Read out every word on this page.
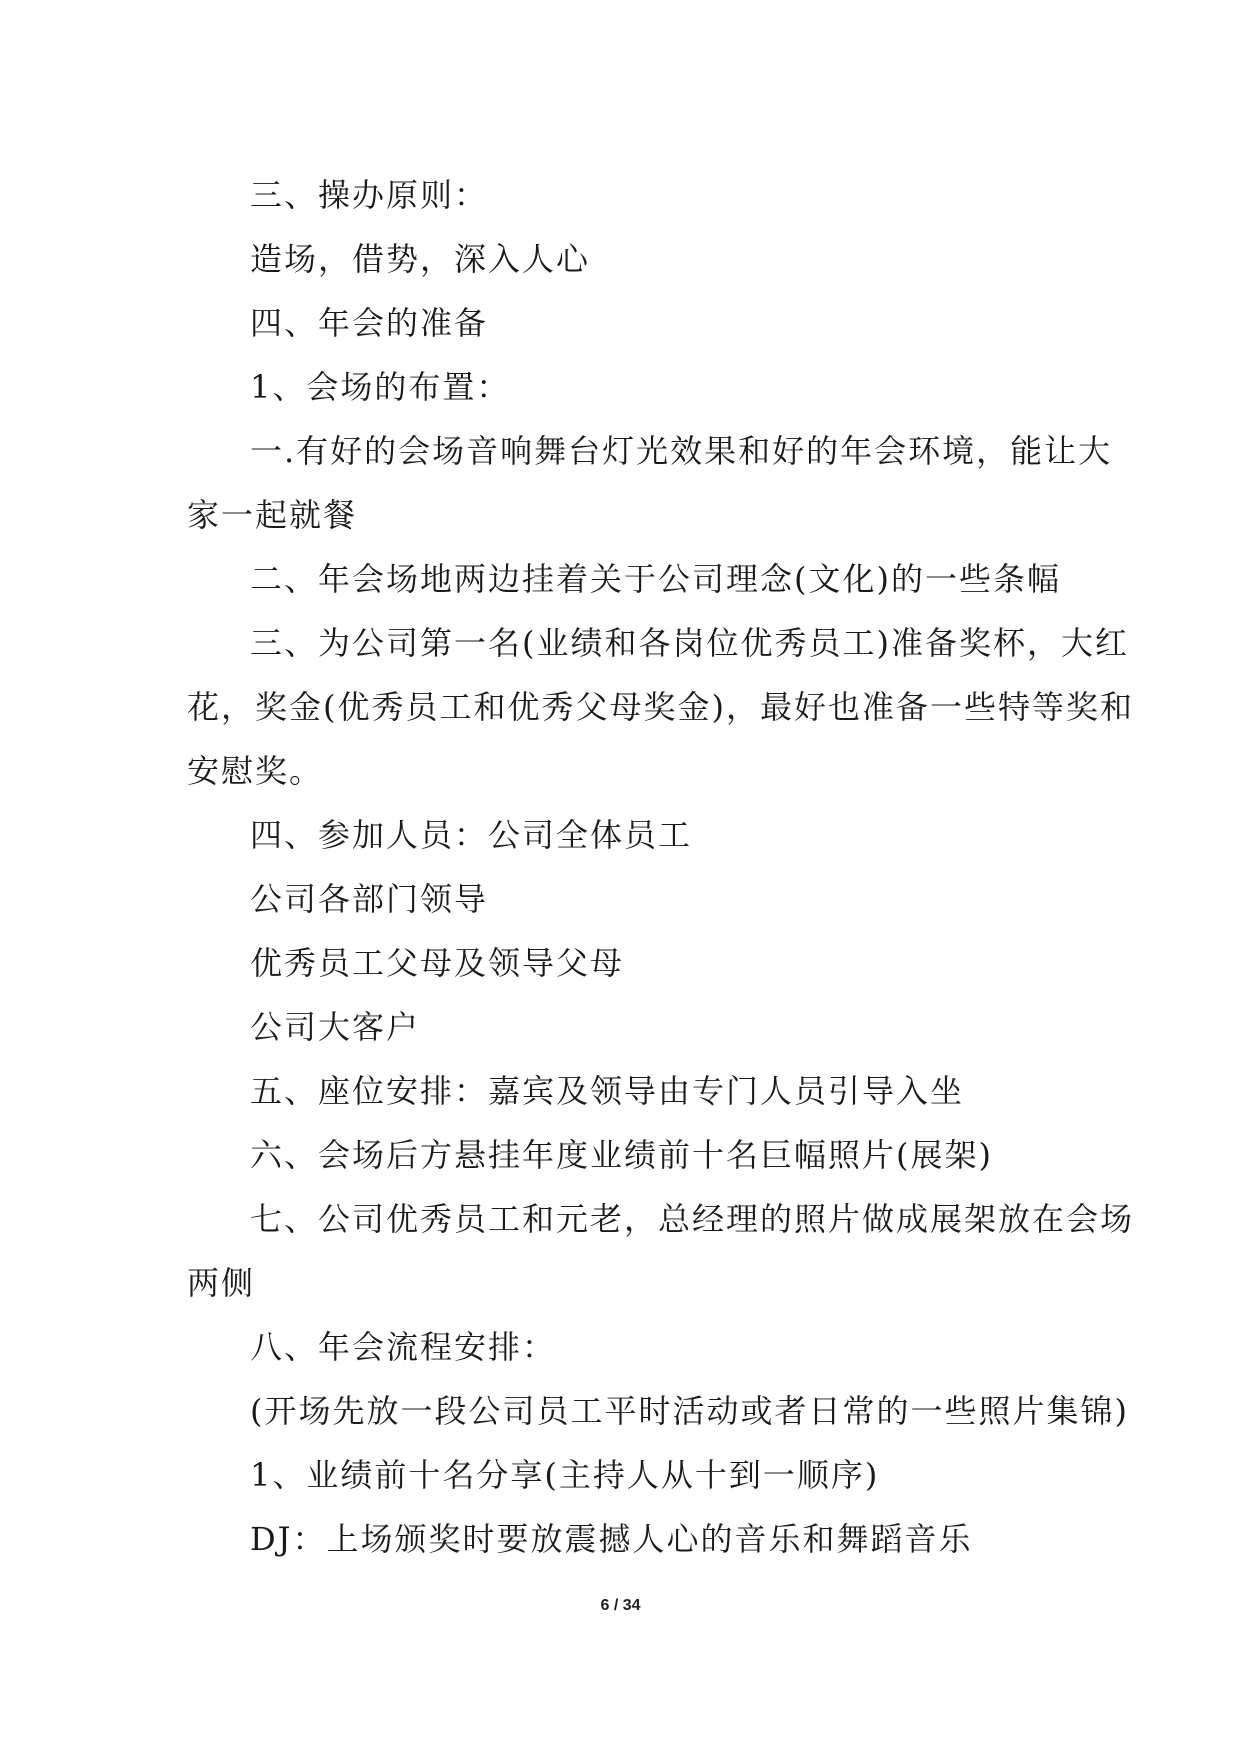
三、操办原则：

造场，借势，深入人心

四、年会的准备

1、会场的布置：

一.有好的会场音响舞台灯光效果和好的年会环境，能让大

家一起就餐

二、年会场地两边挂着关于公司理念(文化)的一些条幅

三、为公司第一名(业绩和各岗位优秀员工)准备奖杯，大红

花，奖金(优秀员工和优秀父母奖金)，最好也准备一些特等奖和

安慰奖。

四、参加人员：公司全体员工

公司各部门领导

优秀员工父母及领导父母

公司大客户

五、座位安排：嘉宾及领导由专门人员引导入坐

六、会场后方悬挂年度业绩前十名巨幅照片(展架)

七、公司优秀员工和元老，总经理的照片做成展架放在会场

两侧

八、年会流程安排：

(开场先放一段公司员工平时活动或者日常的一些照片集锦)

1、业绩前十名分享(主持人从十到一顺序)

DJ：上场颁奖时要放震撼人心的音乐和舞蹈音乐

6 / 34
